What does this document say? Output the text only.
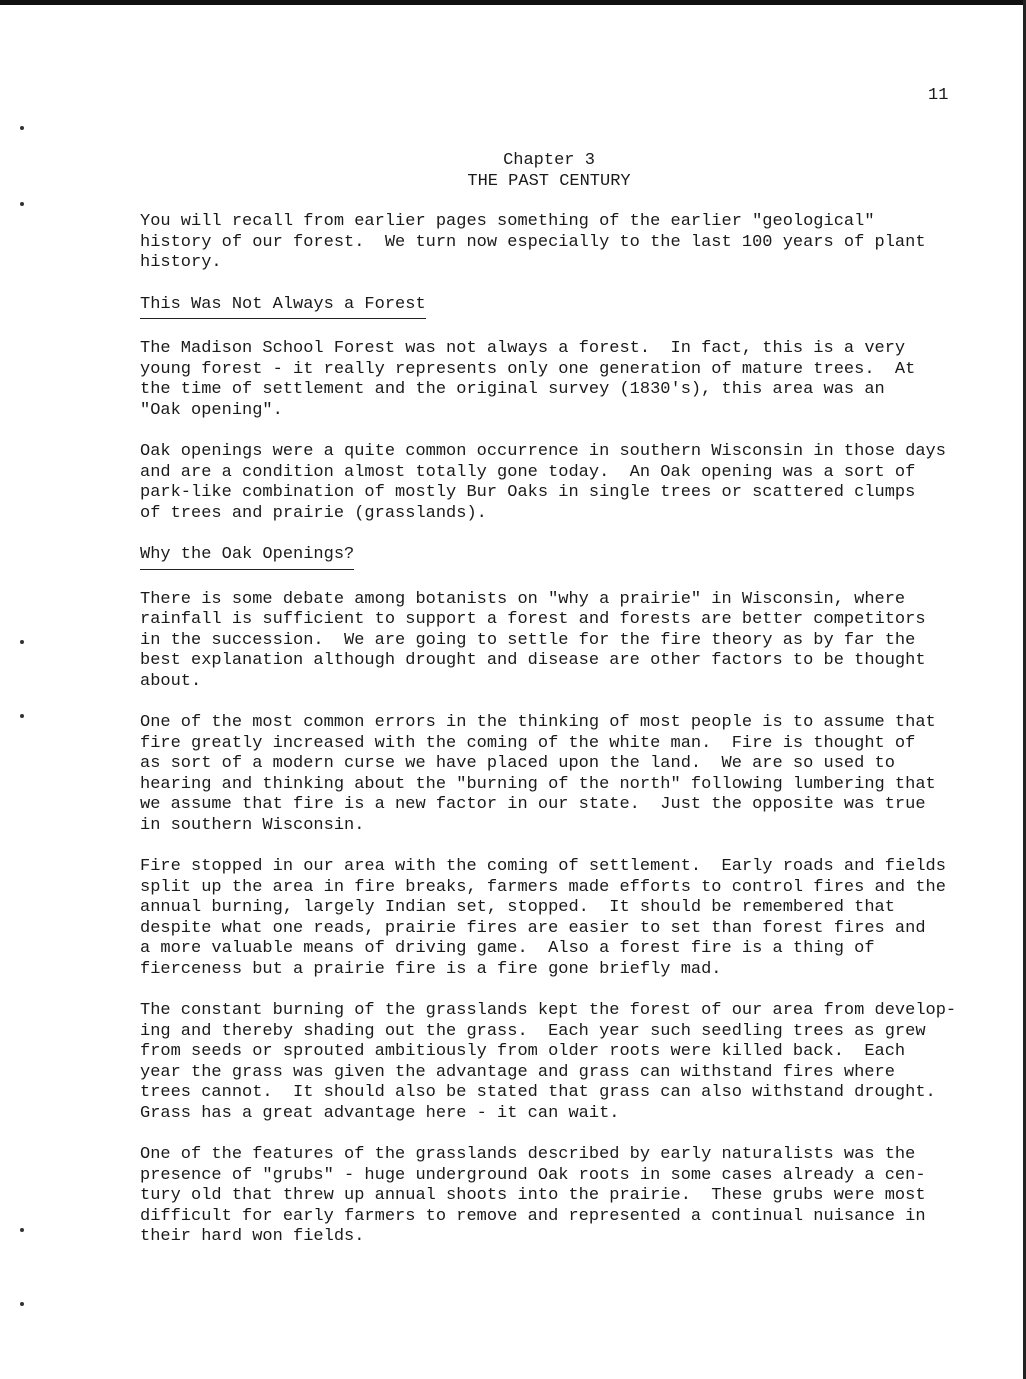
11
Chapter 3
THE PAST CENTURY
You will recall from earlier pages something of the earlier "geological"
history of our forest.  We turn now especially to the last 100 years of plant
history.
This Was Not Always a Forest
The Madison School Forest was not always a forest.  In fact, this is a very
young forest - it really represents only one generation of mature trees.  At
the time of settlement and the original survey (1830's), this area was an
"Oak opening".
Oak openings were a quite common occurrence in southern Wisconsin in those days
and are a condition almost totally gone today.  An Oak opening was a sort of
park-like combination of mostly Bur Oaks in single trees or scattered clumps
of trees and prairie (grasslands).
Why the Oak Openings?
There is some debate among botanists on "why a prairie" in Wisconsin, where
rainfall is sufficient to support a forest and forests are better competitors
in the succession.  We are going to settle for the fire theory as by far the
best explanation although drought and disease are other factors to be thought
about.
One of the most common errors in the thinking of most people is to assume that
fire greatly increased with the coming of the white man.  Fire is thought of
as sort of a modern curse we have placed upon the land.  We are so used to
hearing and thinking about the "burning of the north" following lumbering that
we assume that fire is a new factor in our state.  Just the opposite was true
in southern Wisconsin.
Fire stopped in our area with the coming of settlement.  Early roads and fields
split up the area in fire breaks, farmers made efforts to control fires and the
annual burning, largely Indian set, stopped.  It should be remembered that
despite what one reads, prairie fires are easier to set than forest fires and
a more valuable means of driving game.  Also a forest fire is a thing of
fierceness but a prairie fire is a fire gone briefly mad.
The constant burning of the grasslands kept the forest of our area from develop-
ing and thereby shading out the grass.  Each year such seedling trees as grew
from seeds or sprouted ambitiously from older roots were killed back.  Each
year the grass was given the advantage and grass can withstand fires where
trees cannot.  It should also be stated that grass can also withstand drought.
Grass has a great advantage here - it can wait.
One of the features of the grasslands described by early naturalists was the
presence of "grubs" - huge underground Oak roots in some cases already a cen-
tury old that threw up annual shoots into the prairie.  These grubs were most
difficult for early farmers to remove and represented a continual nuisance in
their hard won fields.
